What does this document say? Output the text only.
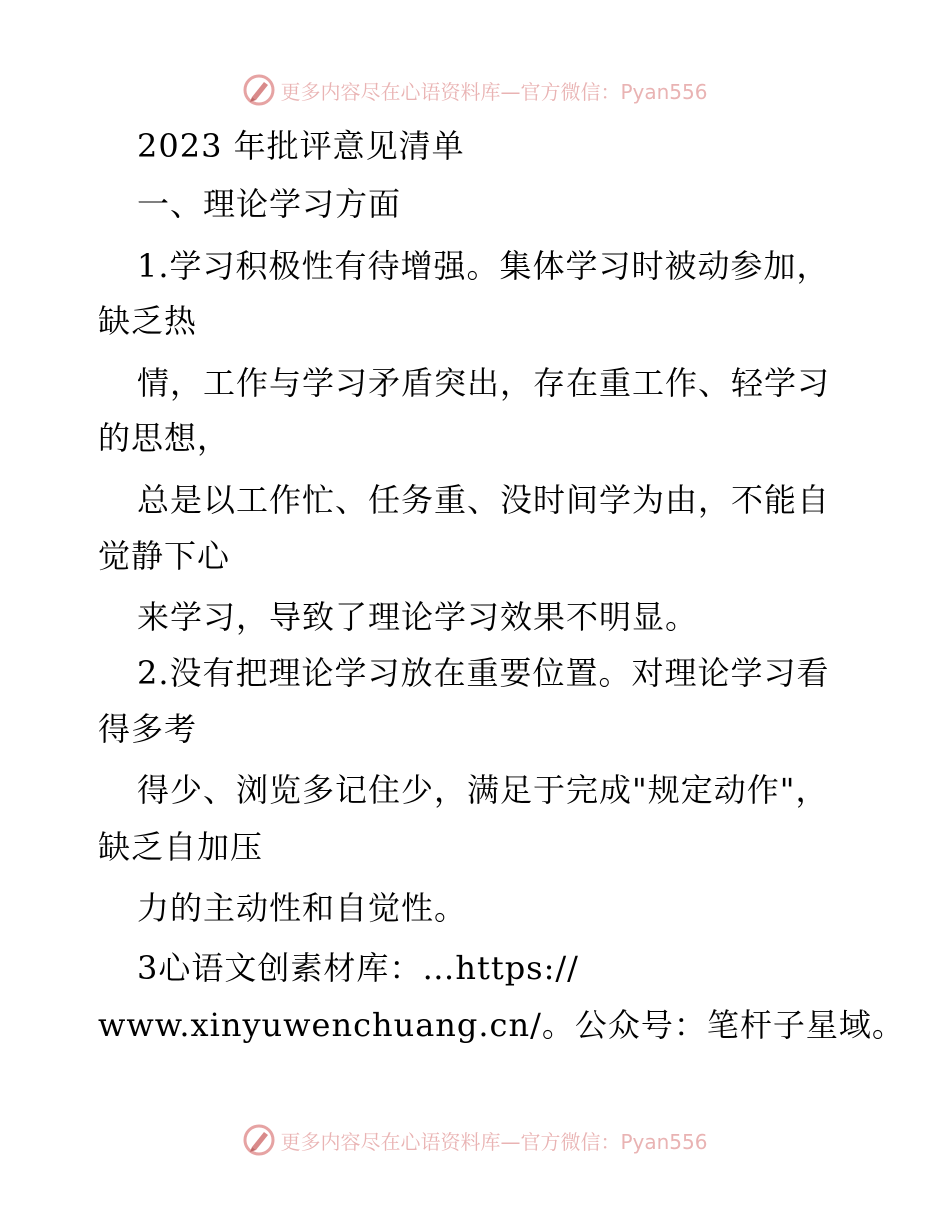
更多内容尽在心语资料库—官方微信：Pyan556
2023 年批评意见清单
一、理论学习方面
1.学习积极性有待增强。集体学习时被动参加，
缺乏热
情，工作与学习矛盾突出，存在重工作、轻学习
的思想，
总是以工作忙、任务重、没时间学为由，不能自
觉静下心
来学习，导致了理论学习效果不明显。
2.没有把理论学习放在重要位置。对理论学习看
得多考
得少、浏览多记住少，满足于完成"规定动作"，
缺乏自加压
力的主动性和自觉性。
3心语文创素材库：…https://
www.xinyuwenchuang.cn/。公众号：笔杆子星域。
更多内容尽在心语资料库—官方微信：Pyan556
